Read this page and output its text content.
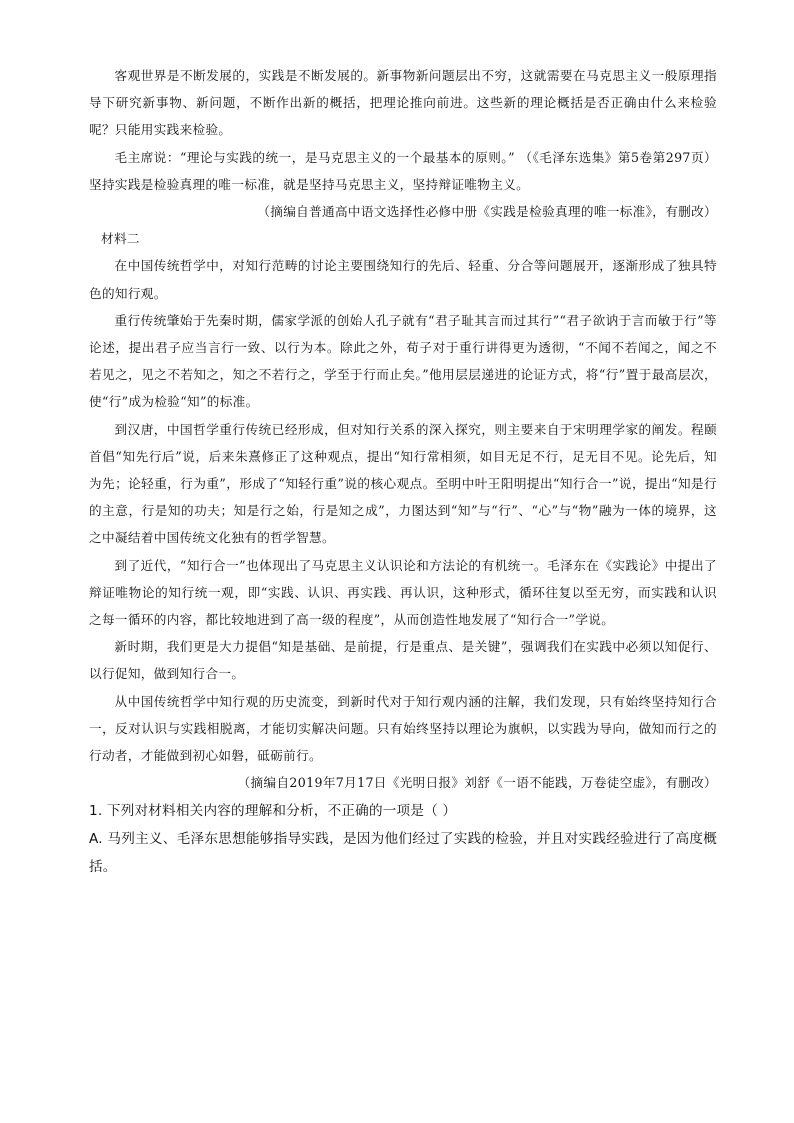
客观世界是不断发展的，实践是不断发展的。新事物新问题层出不穷，这就需要在马克思主义一般原理指导下研究新事物、新问题，不断作出新的概括，把理论推向前进。这些新的理论概括是否正确由什么来检验呢？只能用实践来检验。

毛主席说：“理论与实践的统一，是马克思主义的一个最基本的原则。” （《毛泽东选集》第5卷第297页）坚持实践是检验真理的唯一标准，就是坚持马克思主义，坚持辩证唯物主义。

（摘编自普通高中语文选择性必修中册《实践是检验真理的唯一标准》，有删改）

材料二

在中国传统哲学中，对知行范畴的讨论主要围绕知行的先后、轻重、分合等问题展开，逐渐形成了独具特色的知行观。

重行传统肇始于先秦时期，儒家学派的创始人孔子就有“君子耻其言而过其行”“君子欲讷于言而敏于行”等论述，提出君子应当言行一致、以行为本。除此之外，荀子对于重行讲得更为透彻，“不闻不若闻之，闻之不若见之，见之不若知之，知之不若行之，学至于行而止矣。”他用层层递进的论证方式，将“行”置于最高层次，使“行”成为检验“知”的标准。

到汉唐，中国哲学重行传统已经形成，但对知行关系的深入探究，则主要来自于宋明理学家的阐发。程颐首倡“知先行后”说，后来朱熹修正了这种观点，提出“知行常相须，如目无足不行，足无目不见。论先后，知为先；论轻重，行为重”，形成了“知轻行重”说的核心观点。至明中叶王阳明提出“知行合一”说，提出“知是行的主意，行是知的功夫；知是行之始，行是知之成”，力图达到“知”与“行”、“心”与“物”融为一体的境界，这之中凝结着中国传统文化独有的哲学智慧。

到了近代，“知行合一”也体现出了马克思主义认识论和方法论的有机统一。毛泽东在《实践论》中提出了辩证唯物论的知行统一观，即“实践、认识、再实践、再认识，这种形式，循环往复以至无穷，而实践和认识之每一循环的内容，都比较地进到了高一级的程度”，从而创造性地发展了“知行合一”学说。

新时期，我们更是大力提倡“知是基础、是前提，行是重点、是关键”，强调我们在实践中必须以知促行、以行促知，做到知行合一。

从中国传统哲学中知行观的历史流变，到新时代对于知行观内涵的注解，我们发现，只有始终坚持知行合一，反对认识与实践相脱离，才能切实解决问题。只有始终坚持以理论为旗帜，以实践为导向，做知而行之的行动者，才能做到初心如磐，砥砺前行。

（摘编自2019年7月17日《光明日报》刘舒《一语不能践，万卷徒空虚》，有删改）

1. 下列对材料相关内容的理解和分析，不正确的一项是（ ）

A. 马列主义、毛泽东思想能够指导实践，是因为他们经过了实践的检验，并且对实践经验进行了高度概括。
